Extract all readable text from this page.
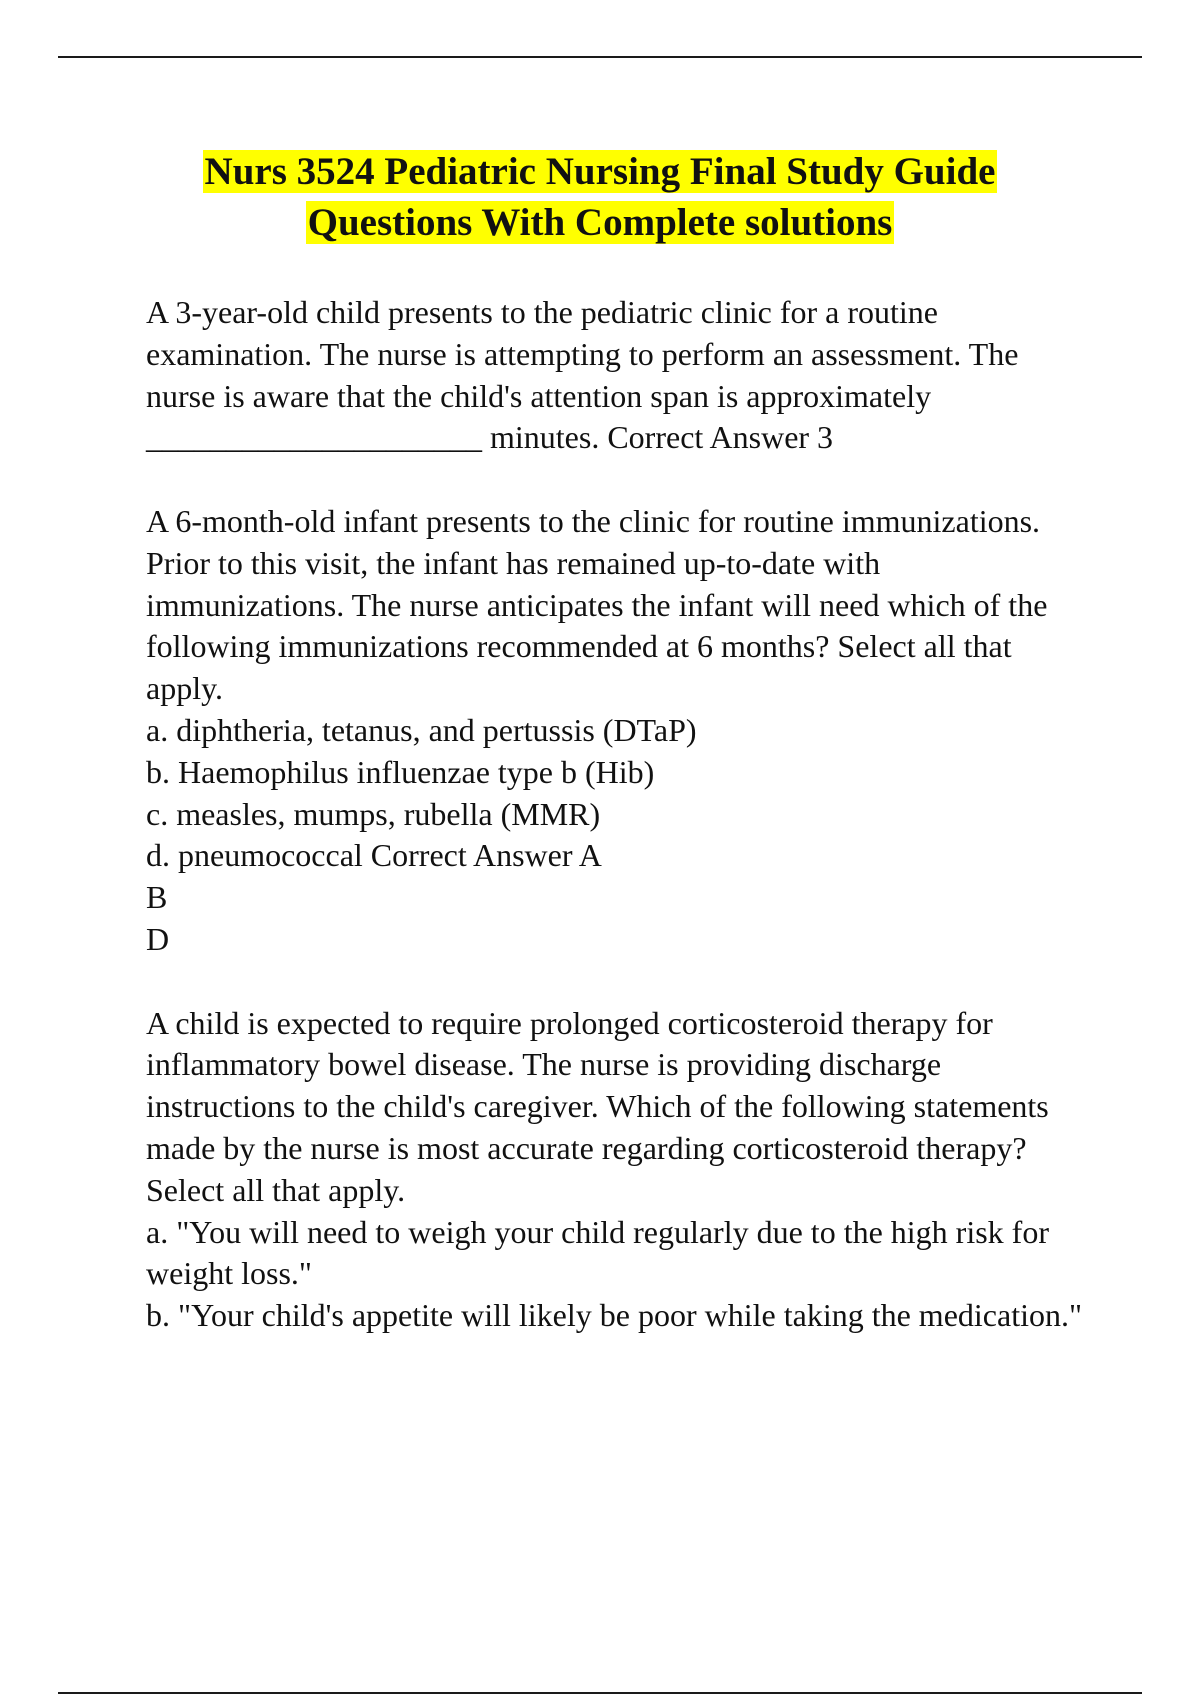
Nurs 3524 Pediatric Nursing Final Study Guide
Questions With Complete solutions

A 3-year-old child presents to the pediatric clinic for a routine examination. The nurse is attempting to perform an assessment. The nurse is aware that the child's attention span is approximately _____________________ minutes. Correct Answer 3

A 6-month-old infant presents to the clinic for routine immunizations. Prior to this visit, the infant has remained up-to-date with immunizations. The nurse anticipates the infant will need which of the following immunizations recommended at 6 months? Select all that apply.

a. diphtheria, tetanus, and pertussis (DTaP)
b. Haemophilus influenzae type b (Hib)
c. measles, mumps, rubella (MMR)
d. pneumococcal Correct Answer A
B
D

A child is expected to require prolonged corticosteroid therapy for inflammatory bowel disease. The nurse is providing discharge instructions to the child's caregiver. Which of the following statements made by the nurse is most accurate regarding corticosteroid therapy? Select all that apply.

a. "You will need to weigh your child regularly due to the high risk for weight loss."
b. "Your child's appetite will likely be poor while taking the medication."
